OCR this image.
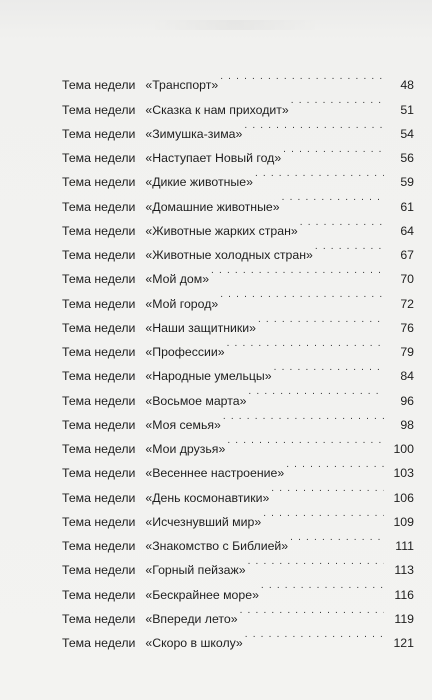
Тема недели «Транспорт» . . .	48
Тема недели «Сказка к нам приходит» . . .	51
Тема недели «Зимушка-зима» . . .	54
Тема недели «Наступает Новый год» . . .	56
Тема недели «Дикие животные» . . .	59
Тема недели «Домашние животные» . . .	61
Тема недели «Животные жарких стран» . . .	64
Тема недели «Животные холодных стран» . . .	67
Тема недели «Мой дом» . . .	70
Тема недели «Мой город» . . .	72
Тема недели «Наши защитники» . . .	76
Тема недели «Профессии» . . .	79
Тема недели «Народные умельцы» . . .	84
Тема недели «Восьмое марта» . . .	96
Тема недели «Моя семья» . . .	98
Тема недели «Мои друзья» . . .	100
Тема недели «Весеннее настроение» . . .	103
Тема недели «День космонавтики» . . .	106
Тема недели «Исчезнувший мир» . . .	109
Тема недели «Знакомство с Библией» . . .	111
Тема недели «Горный пейзаж» . . .	113
Тема недели «Бескрайнее море» . . .	116
Тема недели «Впереди лето» . . .	119
Тема недели «Скоро в школу» . . .	121
